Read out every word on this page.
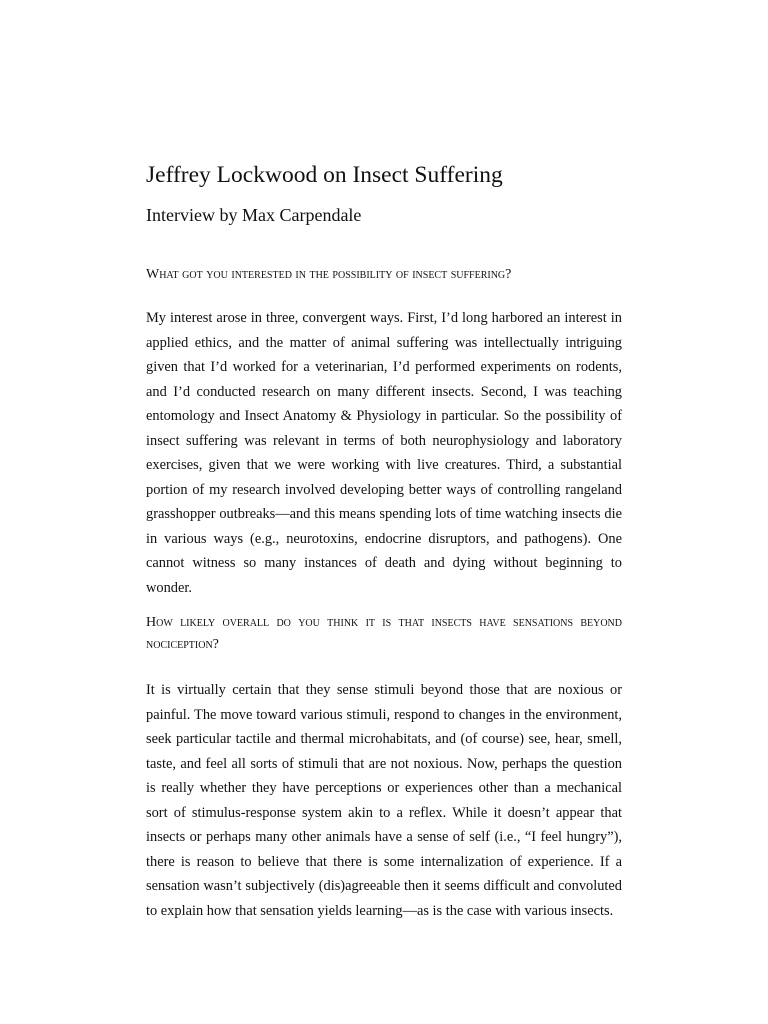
Jeffrey Lockwood on Insect Suffering
Interview by Max Carpendale

What got you interested in the possibility of insect suffering?

My interest arose in three, convergent ways. First, I’d long harbored an interest in applied ethics, and the matter of animal suffering was intellectually intriguing given that I’d worked for a veterinarian, I’d performed experiments on rodents, and I’d conducted research on many different insects. Second, I was teaching entomology and Insect Anatomy & Physiology in particular. So the possibility of insect suffering was relevant in terms of both neurophysiology and laboratory exercises, given that we were working with live creatures. Third, a substantial portion of my research involved developing better ways of controlling rangeland grasshopper outbreaks—and this means spending lots of time watching insects die in various ways (e.g., neurotoxins, endocrine disruptors, and pathogens). One cannot witness so many instances of death and dying without beginning to wonder.

How likely overall do you think it is that insects have sensations beyond nociception?

It is virtually certain that they sense stimuli beyond those that are noxious or painful. The move toward various stimuli, respond to changes in the environment, seek particular tactile and thermal microhabitats, and (of course) see, hear, smell, taste, and feel all sorts of stimuli that are not noxious. Now, perhaps the question is really whether they have perceptions or experiences other than a mechanical sort of stimulus-response system akin to a reflex. While it doesn’t appear that insects or perhaps many other animals have a sense of self (i.e., “I feel hungry”), there is reason to believe that there is some internalization of experience. If a sensation wasn’t subjectively (dis)agreeable then it seems difficult and convoluted to explain how that sensation yields learning—as is the case with various insects.
